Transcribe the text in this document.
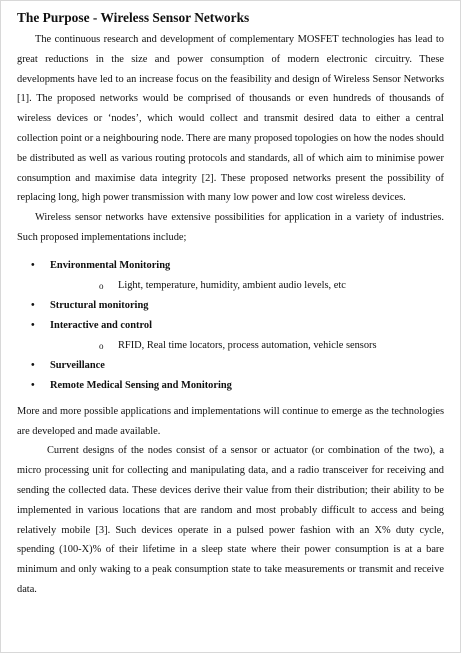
The Purpose - Wireless Sensor Networks

The continuous research and development of complementary MOSFET technologies has lead to great reductions in the size and power consumption of modern electronic circuitry. These developments have led to an increase focus on the feasibility and design of Wireless Sensor Networks [1]. The proposed networks would be comprised of thousands or even hundreds of thousands of wireless devices or ‘nodes’, which would collect and transmit desired data to either a central collection point or a neighbouring node. There are many proposed topologies on how the nodes should be distributed as well as various routing protocols and standards, all of which aim to minimise power consumption and maximise data integrity [2]. These proposed networks present the possibility of replacing long, high power transmission with many low power and low cost wireless devices.

Wireless sensor networks have extensive possibilities for application in a variety of industries. Such proposed implementations include;

• Environmental Monitoring
o Light, temperature, humidity, ambient audio levels, etc
• Structural monitoring
• Interactive and control
o RFID, Real time locators, process automation, vehicle sensors
• Surveillance
• Remote Medical Sensing and Monitoring

More and more possible applications and implementations will continue to emerge as the technologies are developed and made available.

Current designs of the nodes consist of a sensor or actuator (or combination of the two), a micro processing unit for collecting and manipulating data, and a radio transceiver for receiving and sending the collected data. These devices derive their value from their distribution; their ability to be implemented in various locations that are random and most probably difficult to access and being relatively mobile [3]. Such devices operate in a pulsed power fashion with an X% duty cycle, spending (100-X)% of their lifetime in a sleep state where their power consumption is at a bare minimum and only waking to a peak consumption state to take measurements or transmit and receive data.
